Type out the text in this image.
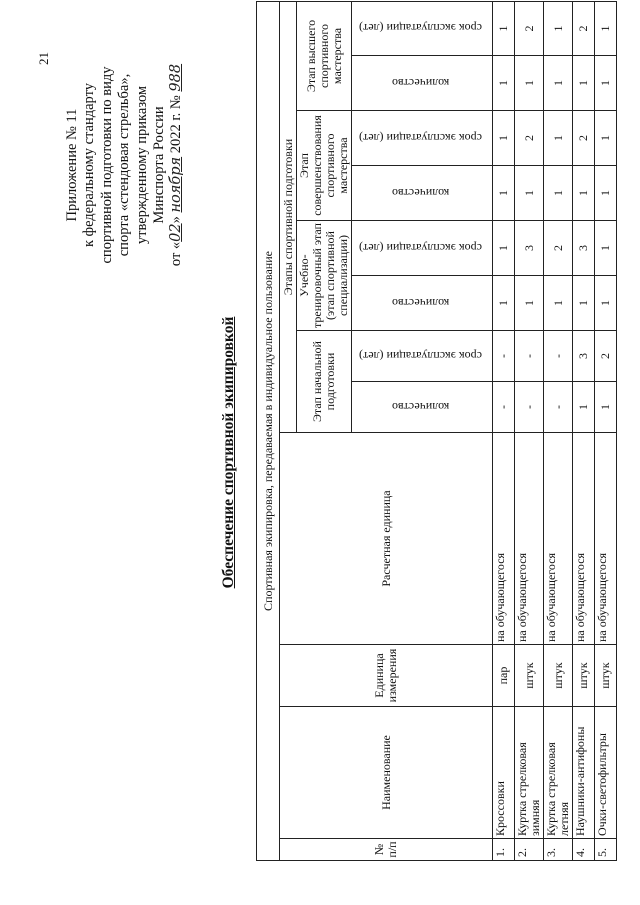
21
Приложение № 11 к федеральному стандарту спортивной подготовки по виду спорта «стендовая стрельба», утвержденному приказом Минспорта России
от «02» ноября 2022 г. № 988
Обеспечение спортивной экипировкой Спортивная экипировка, передаваемая в индивидуальное пользование											
№ п/п	Наименование	Единица измерения	Расчетная единица	Этапы спортивной подготовки							
				Этап начальной подготовки		Учебно-тренировочный этап (этап спортивной специализации)		Этап совершенствования спортивного мастерства		Этап высшего спортивного мастерства	
				количество	срок эксплуатации (лет)	количество	срок эксплуатации (лет)	количество	срок эксплуатации (лет)	количество	срок эксплуатации (лет)

1.	Кроссовки	пар	на обучающегося	-	-	1	1	1	1	1	1
2.	Куртка стрелковая зимняя	штук	на обучающегося	-	-	1	3	1	2	1	2
3.	Куртка стрелковая летняя	штук	на обучающегося	-	-	1	2	1	1	1	1
4.	Наушники-антифоны	штук	на обучающегося	1	3	1	3	1	2	1	2
5.	Очки-светофильтры	штук	на обучающегося	1	2	1	1	1	1	1	1
